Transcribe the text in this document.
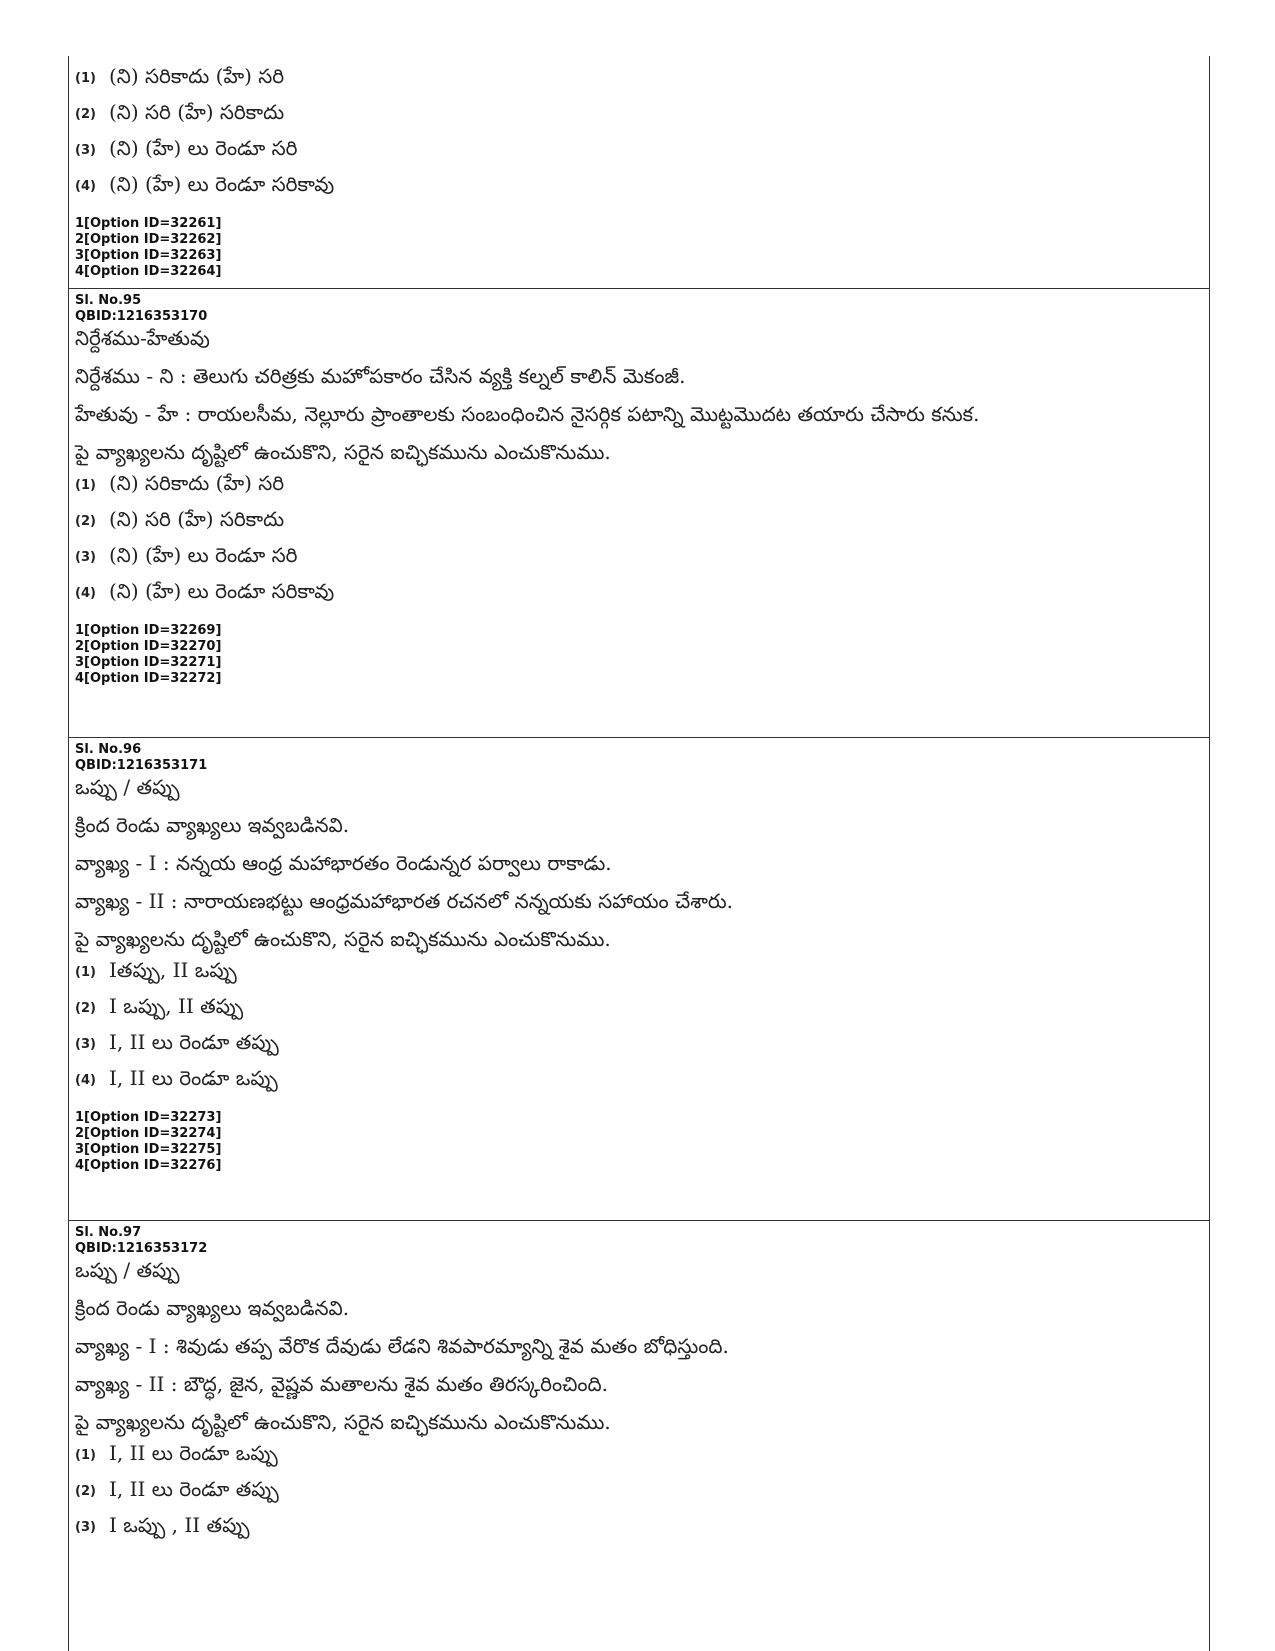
(1) (ని) సరికాదు (హే) సరి
(2) (ని) సరి (హే) సరికాదు
(3) (ని) (హే) లు రెండూ సరి
(4) (ని) (హే) లు రెండూ సరికావు
1[Option ID=32261]
2[Option ID=32262]
3[Option ID=32263]
4[Option ID=32264]
Sl. No.95
QBID:1216353170
నిర్దేశము-హేతువు
నిర్దేశము - ని : తెలుగు చరిత్రకు మహోపకారం చేసిన వ్యక్తి కల్నల్ కాలిన్ మెకంజీ.
హేతువు - హే : రాయలసీమ, నెల్లూరు ప్రాంతాలకు సంబంధించిన నైసర్గిక పటాన్ని మొట్టమొదట తయారు చేసారు కనుక.
పై వ్యాఖ్యలను దృష్టిలో ఉంచుకొని, సరైన ఐచ్ఛికమును ఎంచుకొనుము.
(1) (ని) సరికాదు (హే) సరి
(2) (ని) సరి (హే) సరికాదు
(3) (ని) (హే) లు రెండూ సరి
(4) (ని) (హే) లు రెండూ సరికావు
1[Option ID=32269]
2[Option ID=32270]
3[Option ID=32271]
4[Option ID=32272]
Sl. No.96
QBID:1216353171
ఒప్పు / తప్పు
క్రింద రెండు వ్యాఖ్యలు ఇవ్వబడినవి.
వ్యాఖ్య - I : నన్నయ ఆంధ్ర మహాభారతం రెండున్నర పర్వాలు రాకాడు.
వ్యాఖ్య - II : నారాయణభట్టు ఆంధ్రమహాభారత రచనలో నన్నయకు సహాయం చేశారు.
పై వ్యాఖ్యలను దృష్టిలో ఉంచుకొని, సరైన ఐచ్ఛికమును ఎంచుకొనుము.
(1) Iతప్పు, II ఒప్పు
(2) I ఒప్పు, II తప్పు
(3) I, II లు రెండూ తప్పు
(4) I, II లు రెండూ ఒప్పు
1[Option ID=32273]
2[Option ID=32274]
3[Option ID=32275]
4[Option ID=32276]
Sl. No.97
QBID:1216353172
ఒప్పు / తప్పు
క్రింద రెండు వ్యాఖ్యలు ఇవ్వబడినవి.
వ్యాఖ్య - I : శివుడు తప్ప వేరొక దేవుడు లేడని శివపారమ్యాన్ని శైవ మతం బోధిస్తుంది.
వ్యాఖ్య - II : బౌద్ధ, జైన, వైష్ణవ మతాలను శైవ మతం తిరస్కరించింది.
పై వ్యాఖ్యలను దృష్టిలో ఉంచుకొని, సరైన ఐచ్ఛికమును ఎంచుకొనుము.
(1) I, II లు రెండూ ఒప్పు
(2) I, II లు రెండూ తప్పు
(3) I ఒప్పు , II తప్పు
